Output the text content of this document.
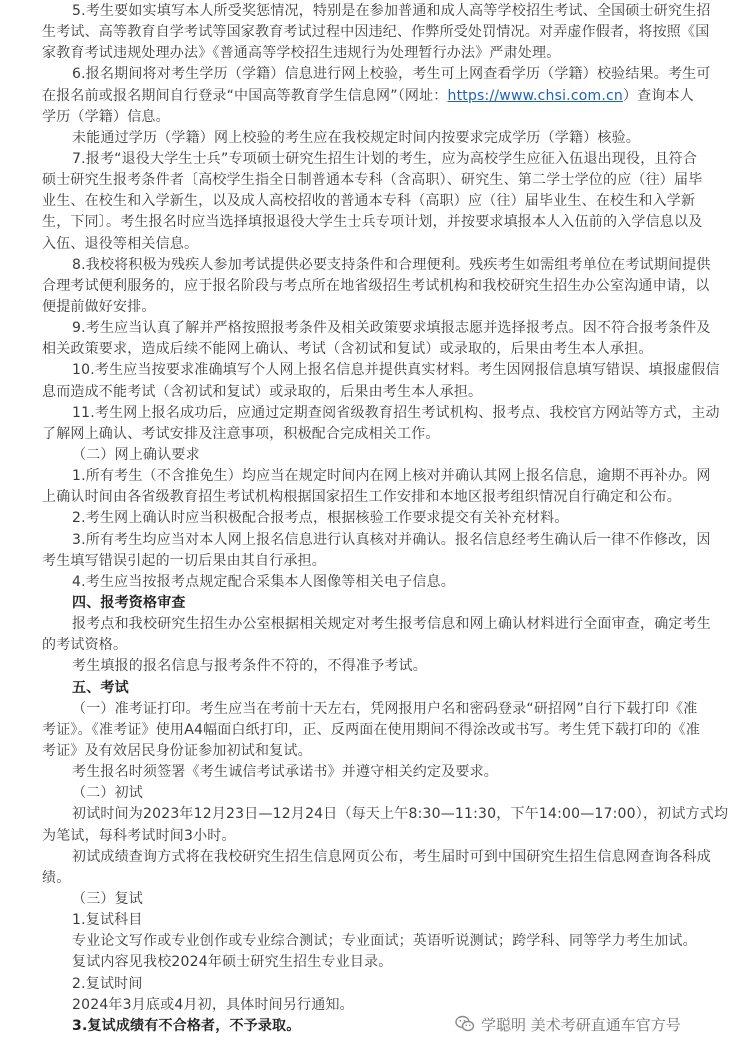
5.考生要如实填写本人所受奖惩情况，特别是在参加普通和成人高等学校招生考试、全国硕士研究生招
生考试、高等教育自学考试等国家教育考试过程中因违纪、作弊所受处罚情况。对弄虚作假者，将按照《国
家教育考试违规处理办法》《普通高等学校招生违规行为处理暂行办法》严肃处理。
6.报名期间将对考生学历（学籍）信息进行网上校验，考生可上网查看学历（学籍）校验结果。考生可
在报名前或报名期间自行登录“中国高等教育学生信息网”（网址：https://www.chsi.com.cn）查询本人
学历（学籍）信息。
未能通过学历（学籍）网上校验的考生应在我校规定时间内按要求完成学历（学籍）核验。
7.报考“退役大学生士兵”专项硕士研究生招生计划的考生，应为高校学生应征入伍退出现役，且符合
硕士研究生报考条件者〔高校学生指全日制普通本专科（含高职）、研究生、第二学士学位的应（往）届毕
业生、在校生和入学新生，以及成人高校招收的普通本专科（高职）应（往）届毕业生、在校生和入学新
生，下同〕。考生报名时应当选择填报退役大学生士兵专项计划，并按要求填报本人入伍前的入学信息以及
入伍、退役等相关信息。
8.我校将积极为残疾人参加考试提供必要支持条件和合理便利。残疾考生如需组考单位在考试期间提供
合理考试便利服务的，应于报名阶段与考点所在地省级招生考试机构和我校研究生招生办公室沟通申请，以
便提前做好安排。
9.考生应当认真了解并严格按照报考条件及相关政策要求填报志愿并选择报考点。因不符合报考条件及
相关政策要求，造成后续不能网上确认、考试（含初试和复试）或录取的，后果由考生本人承担。
10.考生应当按要求准确填写个人网上报名信息并提供真实材料。考生因网报信息填写错误、填报虚假信
息而造成不能考试（含初试和复试）或录取的，后果由考生本人承担。
11.考生网上报名成功后，应通过定期查阅省级教育招生考试机构、报考点、我校官方网站等方式，主动
了解网上确认、考试安排及注意事项，积极配合完成相关工作。
（二）网上确认要求
1.所有考生（不含推免生）均应当在规定时间内在网上核对并确认其网上报名信息，逾期不再补办。网
上确认时间由各省级教育招生考试机构根据国家招生工作安排和本地区报考组织情况自行确定和公布。
2.考生网上确认时应当积极配合报考点，根据核验工作要求提交有关补充材料。
3.所有考生均应当对本人网上报名信息进行认真核对并确认。报名信息经考生确认后一律不作修改，因
考生填写错误引起的一切后果由其自行承担。
4.考生应当按报考点规定配合采集本人图像等相关电子信息。
四、报考资格审查
报考点和我校研究生招生办公室根据相关规定对考生报考信息和网上确认材料进行全面审查，确定考生
的考试资格。
考生填报的报名信息与报考条件不符的，不得准予考试。
五、考试
（一）准考证打印。考生应当在考前十天左右，凭网报用户名和密码登录“研招网”自行下载打印《准
考证》。《准考证》使用A4幅面白纸打印，正、反两面在使用期间不得涂改或书写。考生凭下载打印的《准
考证》及有效居民身份证参加初试和复试。
考生报名时须签署《考生诚信考试承诺书》并遵守相关约定及要求。
（二）初试
初试时间为2023年12月23日—12月24日（每天上午8:30—11:30，下午14:00—17:00），初试方式均
为笔试，每科考试时间3小时。
初试成绩查询方式将在我校研究生招生信息网页公布，考生届时可到中国研究生招生信息网查询各科成
绩。
（三）复试
1.复试科目
专业论文写作或专业创作或专业综合测试；专业面试；英语听说测试；跨学科、同等学力考生加试。
复试内容见我校2024年硕士研究生招生专业目录。
2.复试时间
3.复试成绩有不合格者，不予录取。
2024年3月底或4月初，具体时间另行通知。
学聪明 美术考研直通车官方号
